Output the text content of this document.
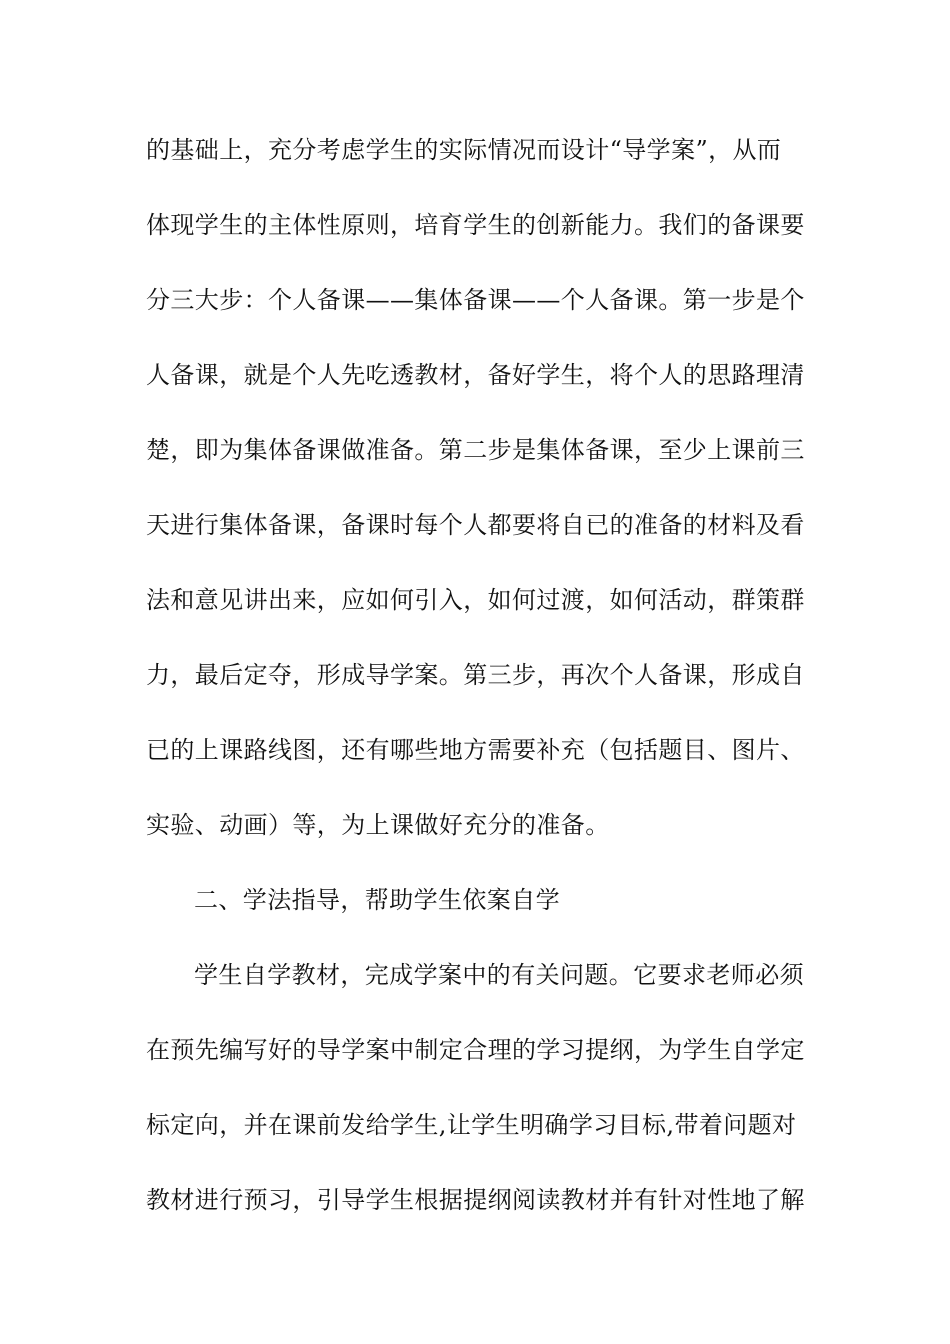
的基础上，充分考虑学生的实际情况而设计“导学案”，从而
体现学生的主体性原则，培育学生的创新能力。我们的备课要
分三大步：个人备课——集体备课——个人备课。第一步是个
人备课，就是个人先吃透教材，备好学生，将个人的思路理清
楚，即为集体备课做准备。第二步是集体备课，至少上课前三
天进行集体备课，备课时每个人都要将自已的准备的材料及看
法和意见讲出来，应如何引入，如何过渡，如何活动，群策群
力，最后定夺，形成导学案。第三步，再次个人备课，形成自
已的上课路线图，还有哪些地方需要补充（包括题目、图片、
实验、动画）等，为上课做好充分的准备。
二、学法指导，帮助学生依案自学
学生自学教材，完成学案中的有关问题。它要求老师必须
在预先编写好的导学案中制定合理的学习提纲，为学生自学定
标定向，并在课前发给学生,让学生明确学习目标,带着问题对
教材进行预习，引导学生根据提纲阅读教材并有针对性地了解
